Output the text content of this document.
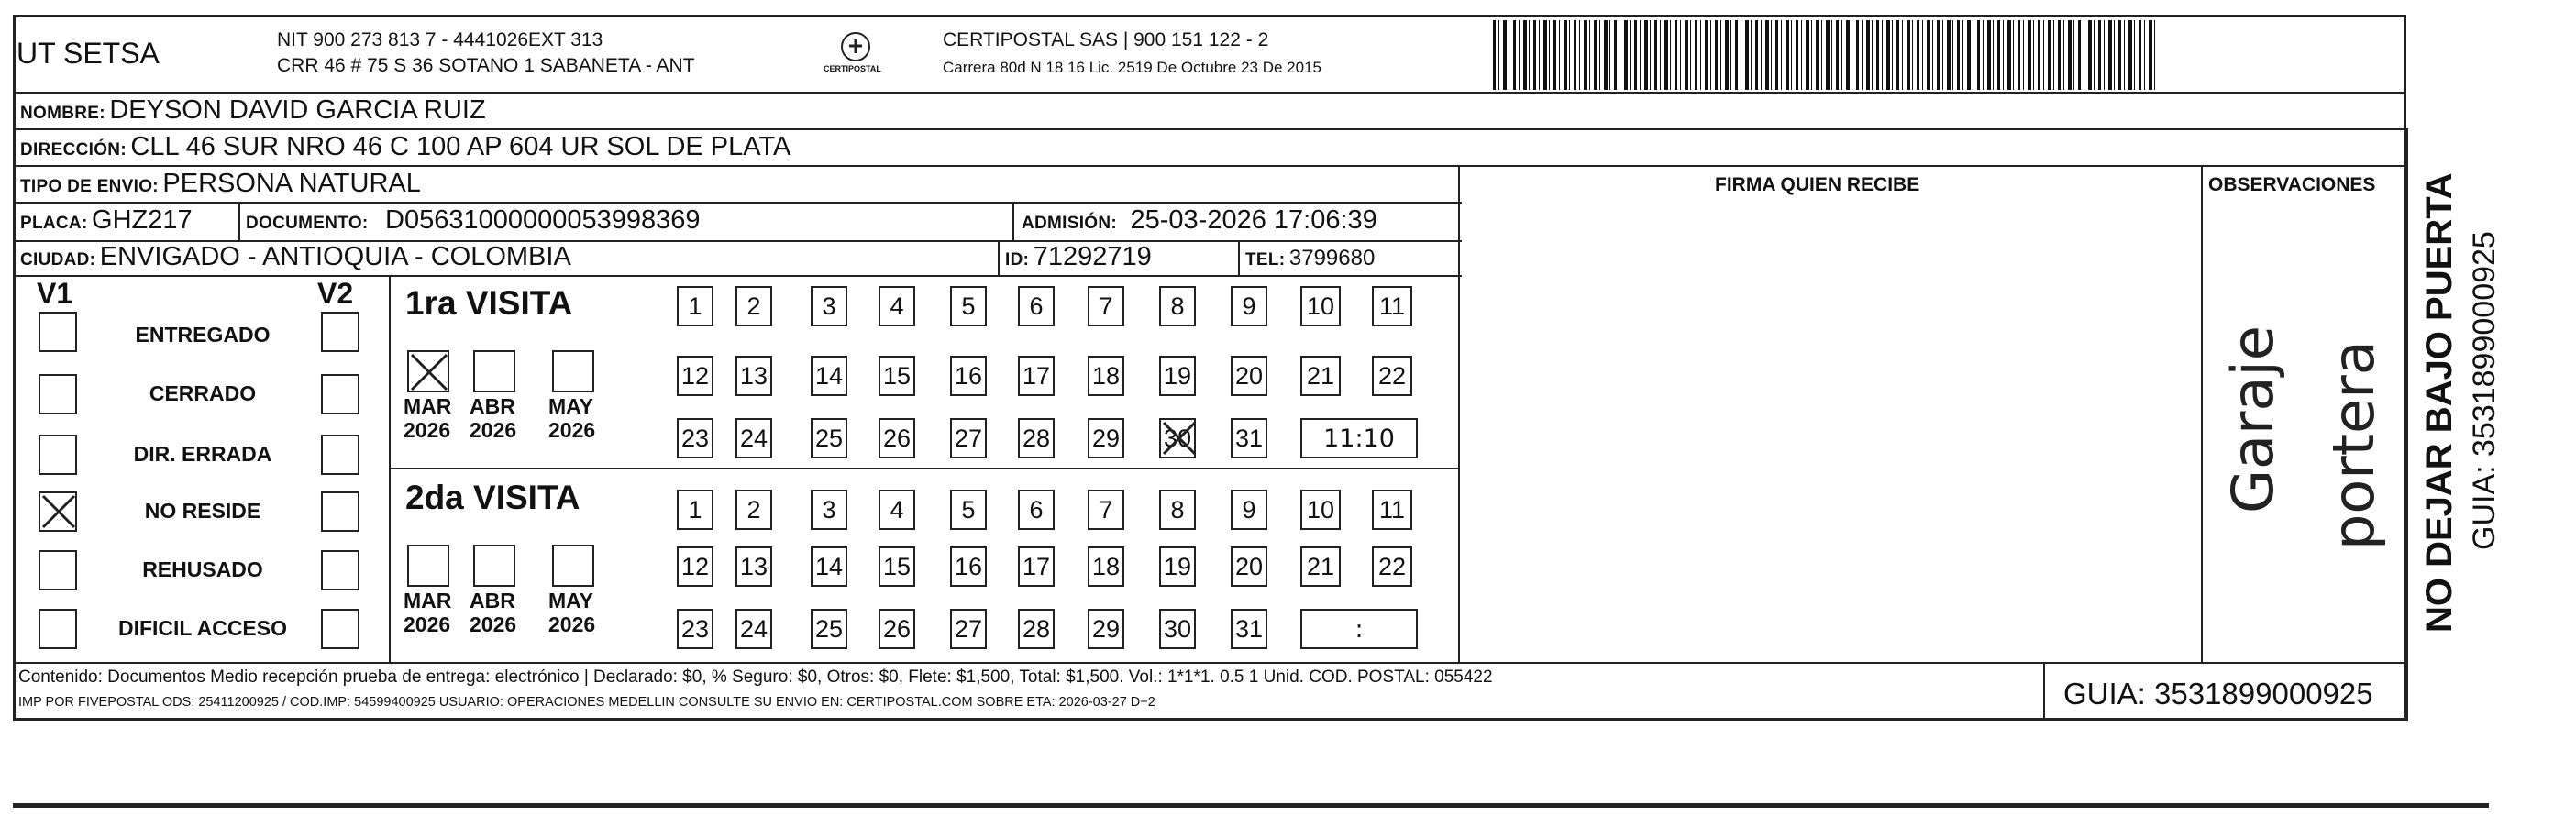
UT SETSA	NIT 900 273 813 7 - 4441026EXT 313
CRR 46 # 75 S 36 SOTANO 1 SABANETA - ANT	CERTIPOSTAL
CERTIPOSTAL SAS | 900 151 122 - 2
Carrera 80d N 18 16 Lic. 2519 De Octubre 23 De 2015
NOMBRE: DEYSON DAVID GARCIA RUIZ
DIRECCIÓN: CLL 46 SUR NRO 46 C 100 AP 604 UR SOL DE PLATA
TIPO DE ENVIO: PERSONA NATURAL	FIRMA QUIEN RECIBE	OBSERVACIONES
PLACA: GHZ217	DOCUMENTO: D05631000000053998369	ADMISIÓN: 25-03-2026 17:06:39
CIUDAD: ENVIGADO - ANTIOQUIA - COLOMBIA	ID: 71292719	TEL: 3799680
V1	V2
ENTREGADO
CERRADO
DIR. ERRADA
NO RESIDE
REHUSADO
DIFICIL ACCESO
1ra VISITA
MAR
2026
ABR
2026
MAY
2026
1	2	3	4	5	6	7	8	9	10 11
12 13 14 15 16 17 18 19 20 21 22
23 24 25 26 27 28 29 30 31	11:10
2da VISITA
MAR
2026
ABR
2026
MAY
2026
1	2	3	4	5	6	7	8	9	10 11
12 13 14 15 16 17 18 19 20 21 22
23 24 25 26 27 28 29 30 31	:
Garaje portera NO DEJAR BAJO PUERTA GUIA: 3531899000925
Contenido: Documentos Medio recepción prueba de entrega: electrónico | Declarado: $0, % Seguro: $0, Otros: $0, Flete: $1,500, Total: $1,500. Vol.: 1*1*1. 0.5 1 Unid. COD. POSTAL: 055422
IMP POR FIVEPOSTAL ODS: 25411200925 / COD.IMP: 54599400925 USUARIO: OPERACIONES MEDELLIN CONSULTE SU ENVIO EN: CERTIPOSTAL.COM SOBRE ETA: 2026-03-27 D+2	GUIA: 3531899000925
